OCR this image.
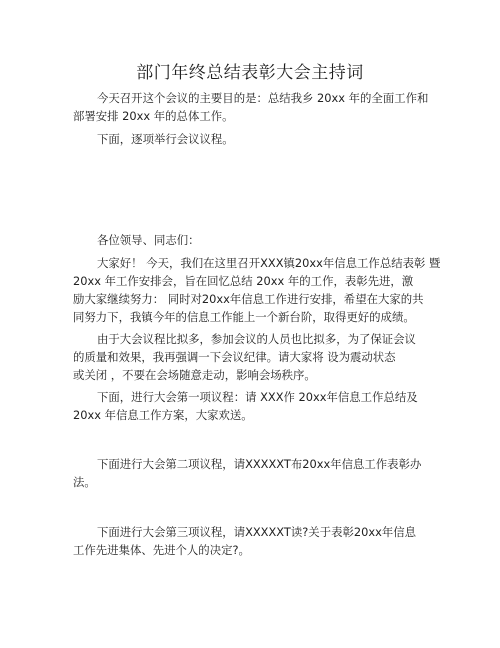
部门年终总结表彰大会主持词
今天召开这个会议的主要目的是：总结我乡 20xx 年的全面工作和
部署安排 20xx 年的总体工作。
下面，逐项举行会议议程。
各位领导、同志们：
大家好！ 今天，我们在这里召开XXX镇20xx年信息工作总结表彰 暨
20xx 年工作安排会，旨在回忆总结 20xx 年的工作，表彰先进，激
励大家继续努力： 同时对20xx年信息工作进行安排，希望在大家的共
同努力下，我镇今年的信息工作能上一个新台阶，取得更好的成绩。
由于大会议程比拟多，参加会议的人员也比拟多，为了保证会议
的质量和效果，我再强调一下会议纪律。请大家将 设为震动状态
或关闭 ，不要在会场随意走动，影响会场秩序。
下面，进行大会第一项议程：请 XXX作 20xx年信息工作总结及
20xx 年信息工作方案，大家欢送。
下面进行大会第二项议程，请XXXXXT布20xx年信息工作表彰办
法。
下面进行大会第三项议程，请XXXXXT读?关于表彰20xx年信息
工作先进集体、先进个人的决定?。
